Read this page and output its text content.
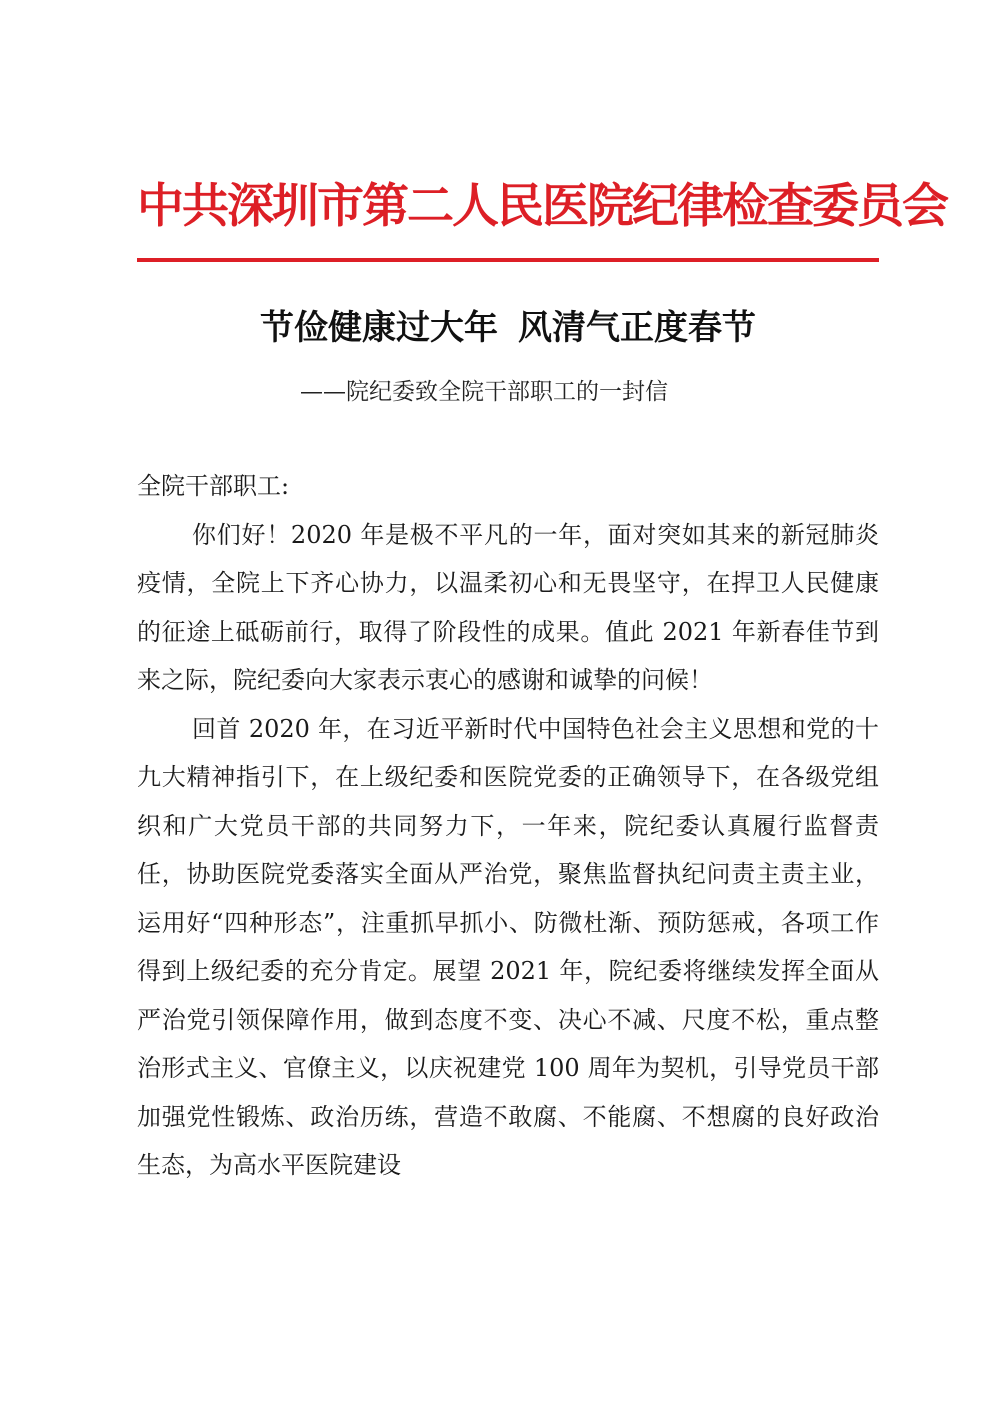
中共深圳市第二人民医院纪律检查委员会
节俭健康过大年 风清气正度春节
——院纪委致全院干部职工的一封信

全院干部职工:

你们好！2020 年是极不平凡的一年，面对突如其来的新冠肺炎疫情，全院上下齐心协力，以温柔初心和无畏坚守，在捍卫人民健康的征途上砥砺前行，取得了阶段性的成果。值此 2021 年新春佳节到来之际，院纪委向大家表示衷心的感谢和诚挚的问候！

回首 2020 年，在习近平新时代中国特色社会主义思想和党的十九大精神指引下，在上级纪委和医院党委的正确领导下，在各级党组织和广大党员干部的共同努力下，一年来，院纪委认真履行监督责任，协助医院党委落实全面从严治党，聚焦监督执纪问责主责主业，运用好“四种形态”，注重抓早抓小、防微杜渐、预防惩戒，各项工作得到上级纪委的充分肯定。展望 2021 年，院纪委将继续发挥全面从严治党引领保障作用，做到态度不变、决心不减、尺度不松，重点整治形式主义、官僚主义，以庆祝建党 100 周年为契机，引导党员干部加强党性锻炼、政治历练，营造不敢腐、不能腐、不想腐的良好政治生态，为高水平医院建设
